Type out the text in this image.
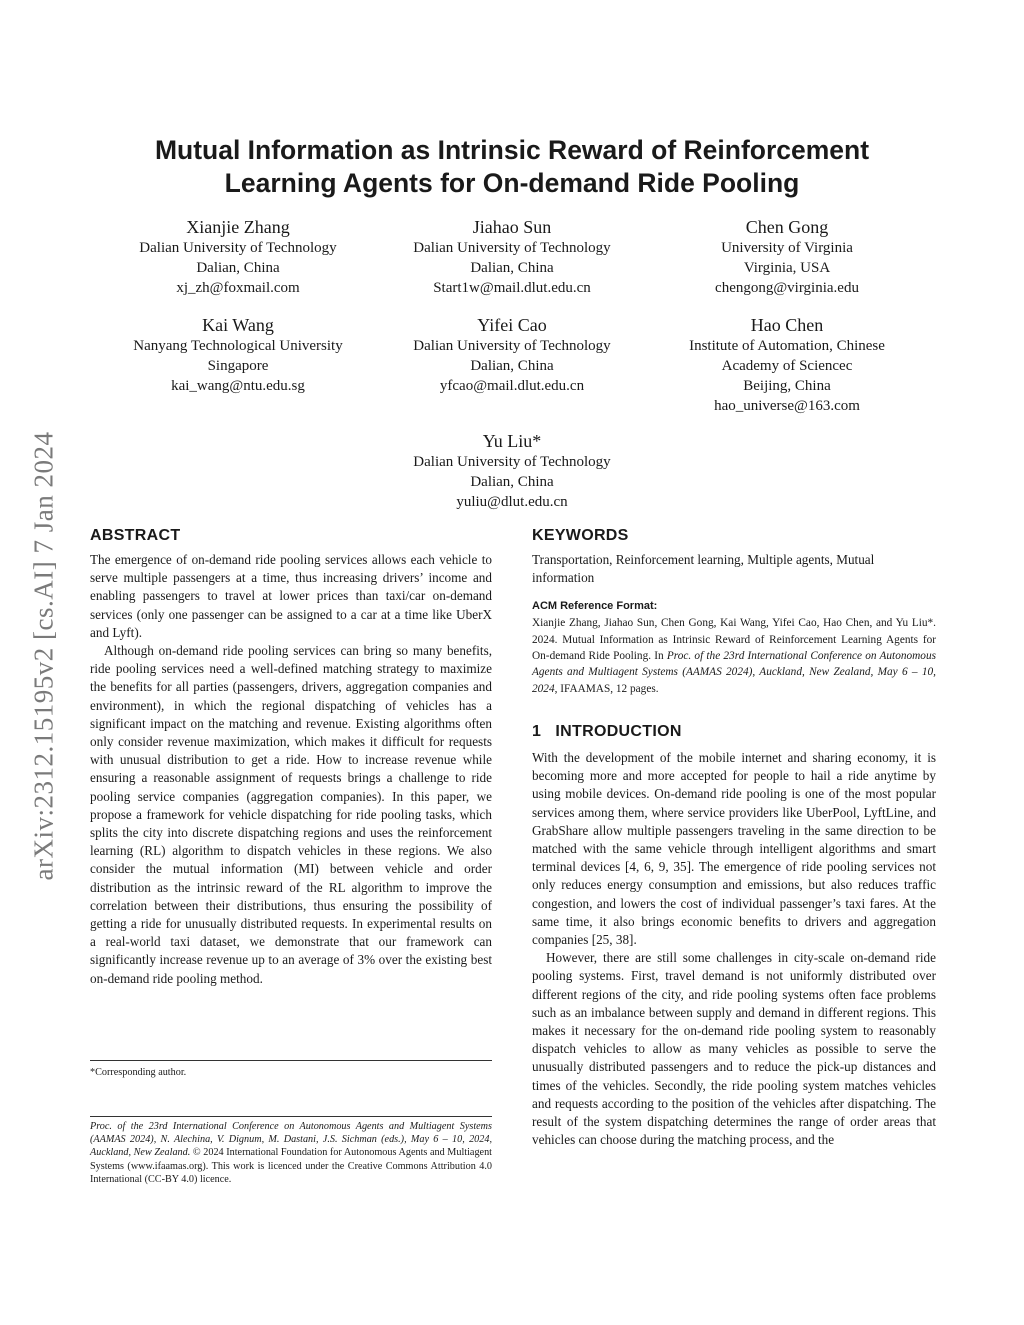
arXiv:2312.15195v2 [cs.AI] 7 Jan 2024
Mutual Information as Intrinsic Reward of Reinforcement
Learning Agents for On-demand Ride Pooling
Xianjie Zhang
Dalian University of Technology
Dalian, China
xj_zh@foxmail.com
Jiahao Sun
Dalian University of Technology
Dalian, China
Start1w@mail.dlut.edu.cn
Chen Gong
University of Virginia
Virginia, USA
chengong@virginia.edu
Kai Wang
Nanyang Technological University
Singapore
kai_wang@ntu.edu.sg
Yifei Cao
Dalian University of Technology
Dalian, China
yfcao@mail.dlut.edu.cn
Hao Chen
Institute of Automation, Chinese
Academy of Sciencec
Beijing, China
hao_universe@163.com
Yu Liu*
Dalian University of Technology
Dalian, China
yuliu@dlut.edu.cn
ABSTRACT

The emergence of on-demand ride pooling services allows each vehicle to serve multiple passengers at a time, thus increasing drivers’ income and enabling passengers to travel at lower prices than taxi/car on-demand services (only one passenger can be assigned to a car at a time like UberX and Lyft).

Although on-demand ride pooling services can bring so many benefits, ride pooling services need a well-defined matching strategy to maximize the benefits for all parties (passengers, drivers, aggregation companies and environment), in which the regional dispatching of vehicles has a significant impact on the matching and revenue. Existing algorithms often only consider revenue maximization, which makes it difficult for requests with unusual distribution to get a ride. How to increase revenue while ensuring a reasonable assignment of requests brings a challenge to ride pooling service companies (aggregation companies). In this paper, we propose a framework for vehicle dispatching for ride pooling tasks, which splits the city into discrete dispatching regions and uses the reinforcement learning (RL) algorithm to dispatch vehicles in these regions. We also consider the mutual information (MI) between vehicle and order distribution as the intrinsic reward of the RL algorithm to improve the correlation between their distributions, thus ensuring the possibility of getting a ride for unusually distributed requests. In experimental results on a real-world taxi dataset, we demonstrate that our framework can significantly increase revenue up to an average of 3% over the existing best on-demand ride pooling method.

*Corresponding author.
Proc. of the 23rd International Conference on Autonomous Agents and Multiagent Systems (AAMAS 2024), N. Alechina, V. Dignum, M. Dastani, J.S. Sichman (eds.), May 6 – 10, 2024, Auckland, New Zealand. © 2024 International Foundation for Autonomous Agents and Multiagent Systems (www.ifaamas.org). This work is licenced under the Creative Commons Attribution 4.0 International (CC-BY 4.0) licence.
KEYWORDS

Transportation, Reinforcement learning, Multiple agents, Mutual information

ACM Reference Format:
Xianjie Zhang, Jiahao Sun, Chen Gong, Kai Wang, Yifei Cao, Hao Chen, and Yu Liu*. 2024. Mutual Information as Intrinsic Reward of Reinforcement Learning Agents for On-demand Ride Pooling. In Proc. of the 23rd International Conference on Autonomous Agents and Multiagent Systems (AAMAS 2024), Auckland, New Zealand, May 6 – 10, 2024, IFAAMAS, 12 pages.
1   INTRODUCTION

With the development of the mobile internet and sharing economy, it is becoming more and more accepted for people to hail a ride anytime by using mobile devices. On-demand ride pooling is one of the most popular services among them, where service providers like UberPool, LyftLine, and GrabShare allow multiple passengers traveling in the same direction to be matched with the same vehicle through intelligent algorithms and smart terminal devices [4, 6, 9, 35]. The emergence of ride pooling services not only reduces energy consumption and emissions, but also reduces traffic congestion, and lowers the cost of individual passenger’s taxi fares. At the same time, it also brings economic benefits to drivers and aggregation companies [25, 38].

However, there are still some challenges in city-scale on-demand ride pooling systems. First, travel demand is not uniformly distributed over different regions of the city, and ride pooling systems often face problems such as an imbalance between supply and demand in different regions. This makes it necessary for the on-demand ride pooling system to reasonably dispatch vehicles to allow as many vehicles as possible to serve the unusually distributed passengers and to reduce the pick-up distances and times of the vehicles. Secondly, the ride pooling system matches vehicles and requests according to the position of the vehicles after dispatching. The result of the system dispatching determines the range of order areas that vehicles can choose during the matching process, and the
